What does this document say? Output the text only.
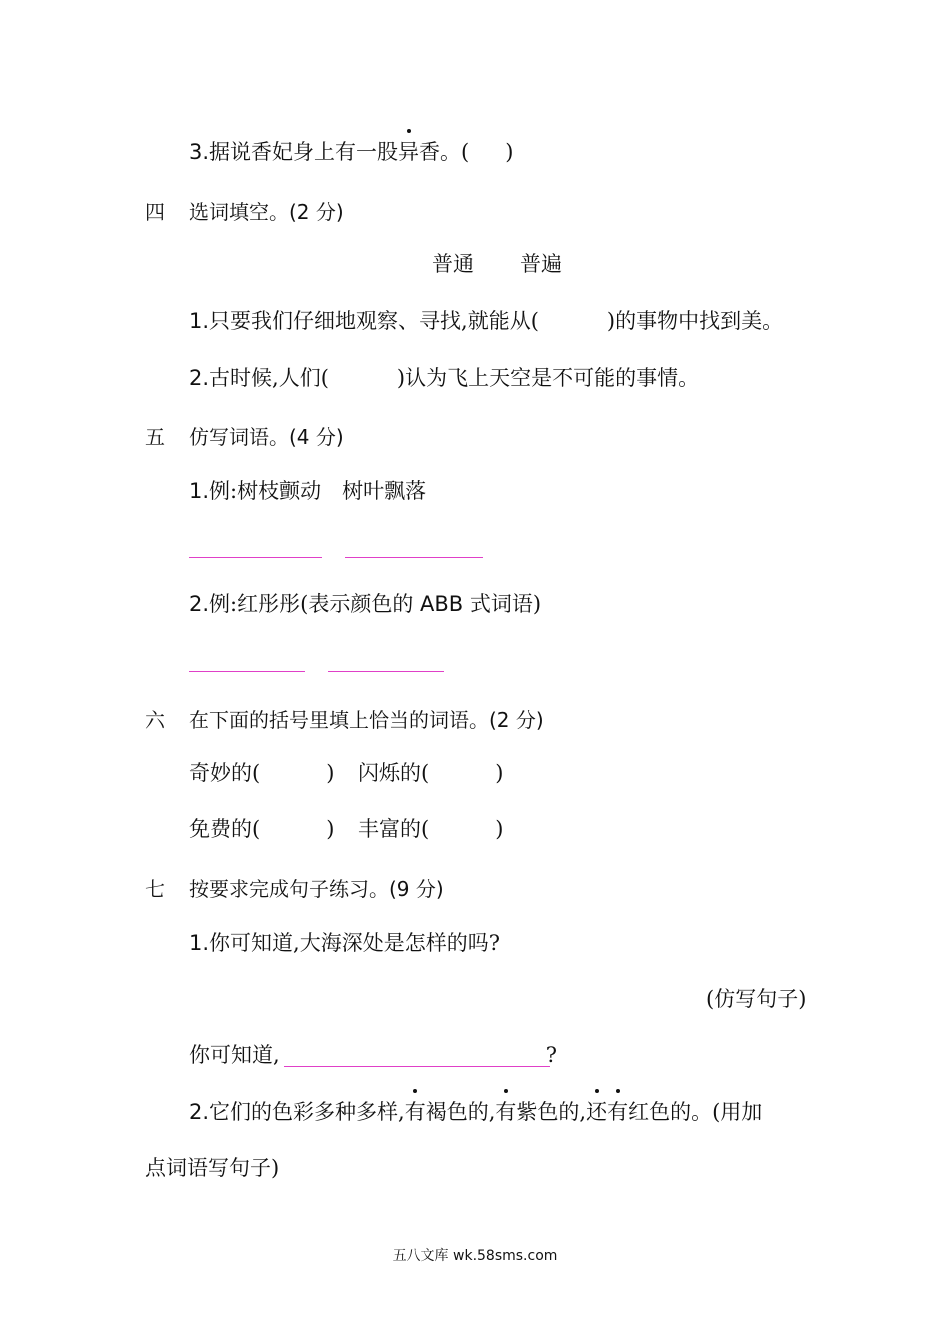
3.据说香妃身上有一股异香。( )
四 选词填空。(2 分)
普通 普遍
1.只要我们仔细地观察、寻找,就能从(	)的事物中找到美。
2.古时候,人们(	)认为飞上天空是不可能的事情。
五 仿写词语。(4 分)
1.例:树枝颤动　树叶飘落
2.例:红彤彤(表示颜色的 ABB 式词语)
六 在下面的括号里填上恰当的词语。(2 分)
奇妙的(	) 闪烁的(	)
免费的(	) 丰富的(	)
七 按要求完成句子练习。(9 分)
1.你可知道,大海深处是怎样的吗?
(仿写句子)
你可知道,	?
2.它们的色彩多种多样,有褐色的,有紫色的,还有红色的。(用加
点词语写句子)
五八文库 wk.58sms.com
